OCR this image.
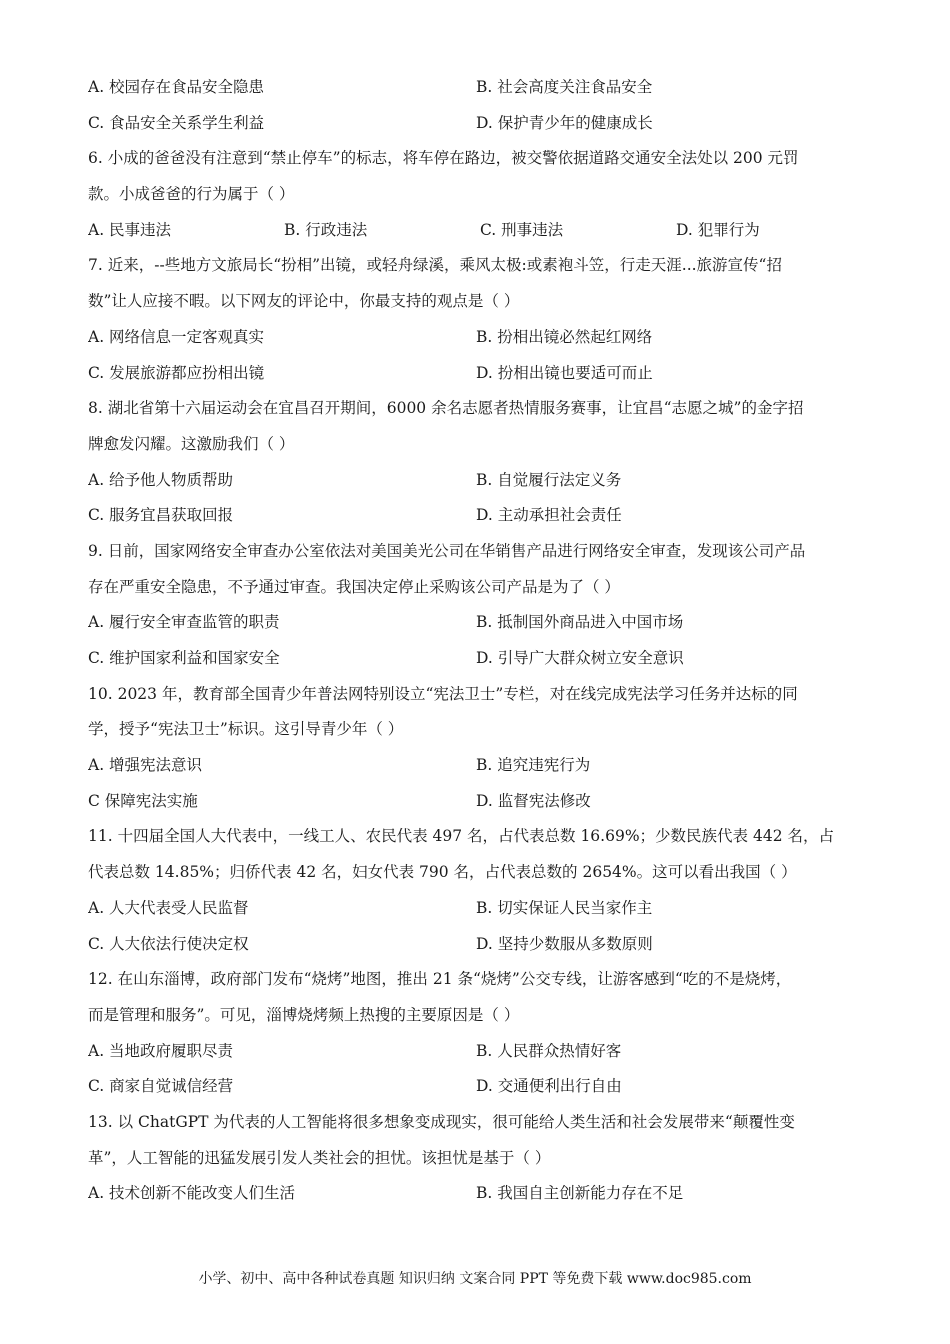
A. 校园存在食品安全隐患	B. 社会高度关注食品安全
C. 食品安全关系学生利益	D. 保护青少年的健康成长
6. 小成的爸爸没有注意到“禁止停车”的标志，将车停在路边，被交警依据道路交通安全法处以 200 元罚
款。小成爸爸的行为属于（ ）
A. 民事违法	B. 行政违法	C. 刑事违法	D. 犯罪行为
7. 近来，--些地方文旅局长“扮相”出镜，或轻舟绿溪，乘风太极:或素袍斗笠，行走天涯...旅游宣传“招
数”让人应接不暇。以下网友的评论中，你最支持的观点是（ ）
A. 网络信息一定客观真实	B. 扮相出镜必然起红网络
C. 发展旅游都应扮相出镜	D. 扮相出镜也要适可而止
8. 湖北省第十六届运动会在宜昌召开期间，6000 余名志愿者热情服务赛事，让宜昌“志愿之城”的金字招
牌愈发闪耀。这激励我们（ ）
A. 给予他人物质帮助	B. 自觉履行法定义务
C. 服务宜昌获取回报	D. 主动承担社会责任
9. 日前，国家网络安全审查办公室依法对美国美光公司在华销售产品进行网络安全审查，发现该公司产品
存在严重安全隐患，不予通过审查。我国决定停止采购该公司产品是为了（ ）
A. 履行安全审查监管的职责	B. 抵制国外商品进入中国市场
C. 维护国家利益和国家安全	D. 引导广大群众树立安全意识
10. 2023 年，教育部全国青少年普法网特别设立“宪法卫士”专栏，对在线完成宪法学习任务并达标的同
学，授予“宪法卫士”标识。这引导青少年（ ）
A. 增强宪法意识	B. 追究违宪行为
C 保障宪法实施	D. 监督宪法修改
11. 十四届全国人大代表中，一线工人、农民代表 497 名，占代表总数 16.69%；少数民族代表 442 名，占
代表总数 14.85%；归侨代表 42 名，妇女代表 790 名，占代表总数的 2654%。这可以看出我国（ ）
A. 人大代表受人民监督	B. 切实保证人民当家作主
C. 人大依法行使决定权	D. 坚持少数服从多数原则
12. 在山东淄博，政府部门发布“烧烤”地图，推出 21 条“烧烤”公交专线，让游客感到“吃的不是烧烤，
而是管理和服务”。可见，淄博烧烤频上热搜的主要原因是（ ）
A. 当地政府履职尽责	B. 人民群众热情好客
C. 商家自觉诚信经营	D. 交通便利出行自由
13. 以 ChatGPT 为代表的人工智能将很多想象变成现实，很可能给人类生活和社会发展带来“颠覆性变
革”，人工智能的迅猛发展引发人类社会的担忧。该担忧是基于（ ）
A. 技术创新不能改变人们生活	B. 我国自主创新能力存在不足
小学、初中、高中各种试卷真题 知识归纳 文案合同 PPT 等免费下载 www.doc985.com
